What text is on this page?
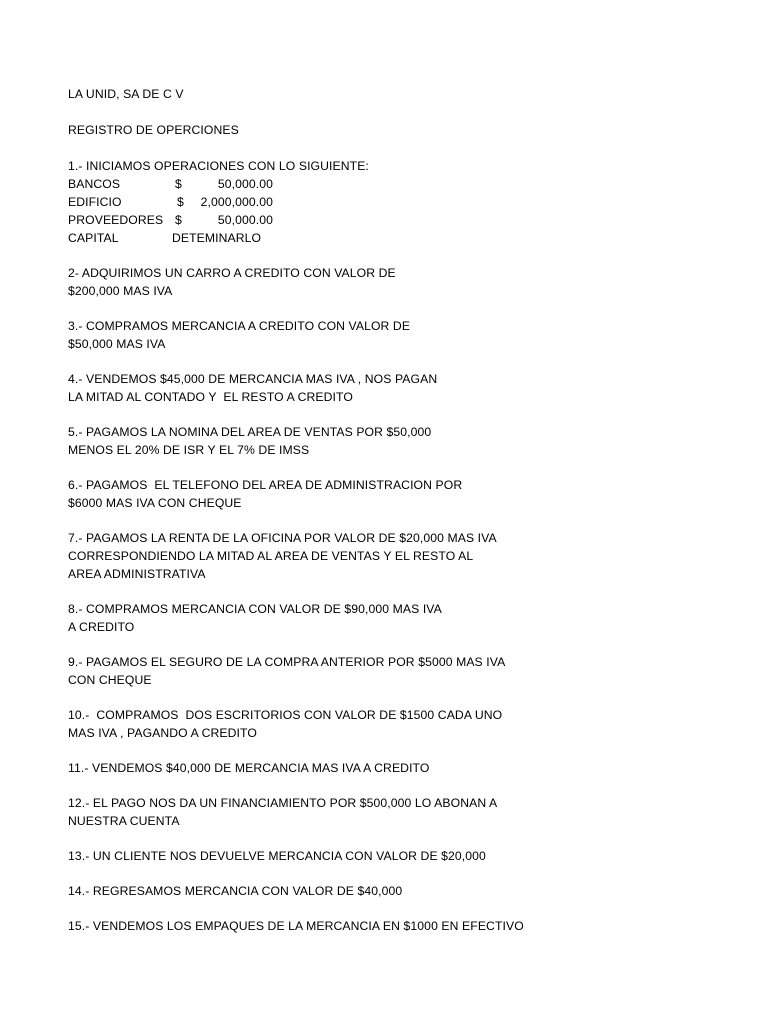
LA UNID, SA DE C V
REGISTRO DE OPERCIONES
1.- INICIAMOS OPERACIONES CON LO SIGUIENTE:
BANCOS	$	50,000.00
EDIFICIO	$	2,000,000.00
PROVEEDORES $	50,000.00
CAPITAL	DETEMINARLO
2- ADQUIRIMOS UN CARRO A CREDITO CON VALOR DE
$200,000 MAS IVA
3.- COMPRAMOS MERCANCIA A CREDITO CON VALOR DE
$50,000 MAS IVA
4.- VENDEMOS $45,000 DE MERCANCIA MAS IVA , NOS PAGAN
LA MITAD AL CONTADO Y  EL RESTO A CREDITO
5.- PAGAMOS LA NOMINA DEL AREA DE VENTAS POR $50,000
MENOS EL 20% DE ISR Y EL 7% DE IMSS
6.- PAGAMOS  EL TELEFONO DEL AREA DE ADMINISTRACION POR
$6000 MAS IVA CON CHEQUE
7.- PAGAMOS LA RENTA DE LA OFICINA POR VALOR DE $20,000 MAS IVA
CORRESPONDIENDO LA MITAD AL AREA DE VENTAS Y EL RESTO AL
AREA ADMINISTRATIVA
8.- COMPRAMOS MERCANCIA CON VALOR DE $90,000 MAS IVA
A CREDITO
9.- PAGAMOS EL SEGURO DE LA COMPRA ANTERIOR POR $5000 MAS IVA
CON CHEQUE
10.-  COMPRAMOS  DOS ESCRITORIOS CON VALOR DE $1500 CADA UNO
MAS IVA , PAGANDO A CREDITO
11.- VENDEMOS $40,000 DE MERCANCIA MAS IVA A CREDITO
12.- EL PAGO NOS DA UN FINANCIAMIENTO POR $500,000 LO ABONAN A
NUESTRA CUENTA
13.- UN CLIENTE NOS DEVUELVE MERCANCIA CON VALOR DE $20,000
14.- REGRESAMOS MERCANCIA CON VALOR DE $40,000
15.- VENDEMOS LOS EMPAQUES DE LA MERCANCIA EN $1000 EN EFECTIVO
